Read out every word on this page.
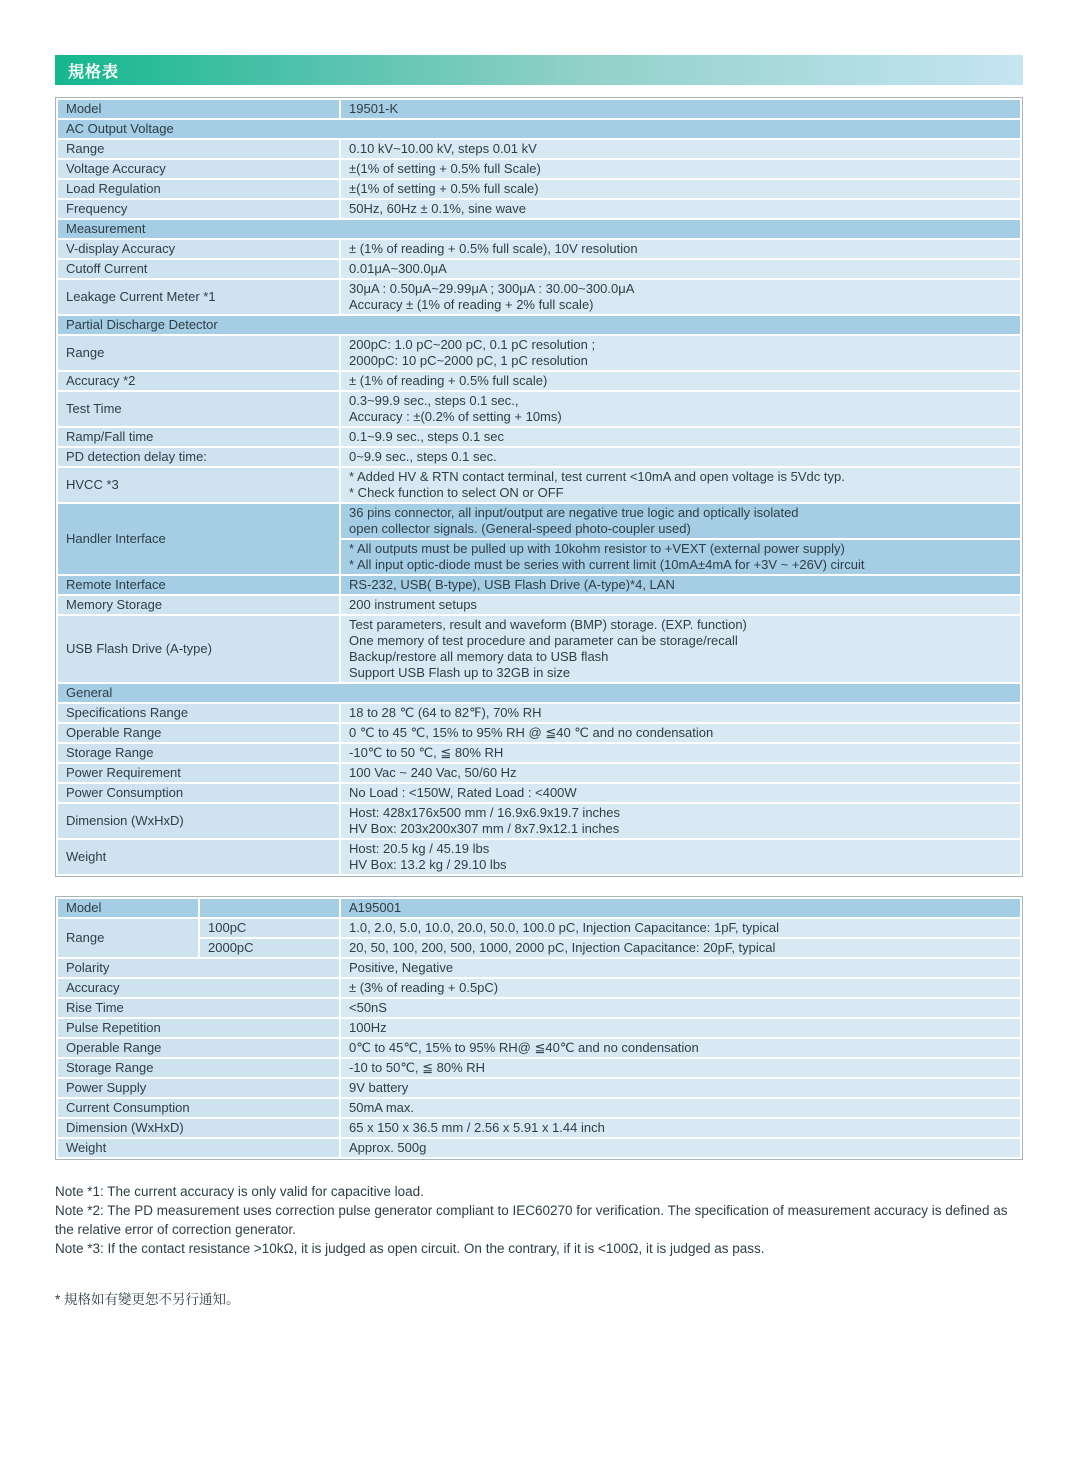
規格表
Model	19501-K

AC Output Voltage	
Range	0.10 kV~10.00 kV, steps 0.01 kV

Voltage Accuracy	±(1% of setting + 0.5% full Scale)

Load Regulation	±(1% of setting + 0.5% full scale)

Frequency	50Hz, 60Hz ± 0.1%, sine wave

Measurement	
V-display Accuracy	± (1% of reading + 0.5% full scale), 10V resolution

Cutoff Current	0.01μA~300.0μA

Leakage Current Meter *1	30μA : 0.50μA~29.99μA ; 300μA : 30.00~300.0μA
Accuracy ± (1% of reading + 2% full scale)

Partial Discharge Detector	
Range	200pC: 1.0 pC~200 pC, 0.1 pC resolution ;
2000pC: 10 pC~2000 pC, 1 pC resolution

Accuracy *2	± (1% of reading + 0.5% full scale)

Test Time	0.3~99.9 sec., steps 0.1 sec.,
Accuracy : ±(0.2% of setting + 10ms)

Ramp/Fall time	0.1~9.9 sec., steps 0.1 sec

PD detection delay time:	0~9.9 sec., steps 0.1 sec.

HVCC *3	* Added HV & RTN contact terminal, test current <10mA and open voltage is 5Vdc typ.
* Check function to select ON or OFF

Handler Interface	36 pins connector, all input/output are negative true logic and optically isolated
open collector signals. (General-speed photo-coupler used)

	* All outputs must be pulled up with 10kohm resistor to +VEXT (external power supply)
* All input optic-diode must be series with current limit (10mA±4mA for +3V ~ +26V) circuit

Remote Interface	RS-232, USB( B-type), USB Flash Drive (A-type)*4, LAN

Memory Storage	200 instrument setups

USB Flash Drive (A-type)	Test parameters, result and waveform (BMP) storage. (EXP. function)
One memory of test procedure and parameter can be storage/recall
Backup/restore all memory data to USB flash
Support USB Flash up to 32GB in size

General	
Specifications Range	18 to 28 ℃ (64 to 82℉), 70% RH

Operable Range	0 ℃ to 45 ℃, 15% to 95% RH @ ≦40 ℃ and no condensation

Storage Range	-10℃ to 50 ℃, ≦ 80% RH

Power Requirement	100 Vac ~ 240 Vac, 50/60 Hz

Power Consumption	No Load : <150W, Rated Load : <400W

Dimension (WxHxD)	Host: 428x176x500 mm / 16.9x6.9x19.7 inches
HV Box: 203x200x307 mm / 8x7.9x12.1 inches

Weight	Host: 20.5 kg / 45.19 lbs
HV Box: 13.2 kg / 29.10 lbs
Model		A195001

Range	100pC	1.0, 2.0, 5.0, 10.0, 20.0, 50.0, 100.0 pC, Injection Capacitance: 1pF, typical

	2000pC	20, 50, 100, 200, 500, 1000, 2000 pC, Injection Capacitance: 20pF, typical

Polarity		Positive, Negative

Accuracy		± (3% of reading + 0.5pC)

Rise Time		<50nS

Pulse Repetition		100Hz

Operable Range		0℃ to 45℃, 15% to 95% RH@ ≦40℃ and no condensation

Storage Range		-10 to 50℃, ≦ 80% RH

Power Supply		9V battery

Current Consumption		50mA max.

Dimension (WxHxD)		65 x 150 x 36.5 mm / 2.56 x 5.91 x 1.44 inch

Weight		Approx. 500g
Note *1: The current accuracy is only valid for capacitive load.
Note *2: The PD measurement uses correction pulse generator compliant to IEC60270 for verification. The specification of measurement accuracy is defined as the relative error of correction generator.
Note *3: If the contact resistance >10kΩ, it is judged as open circuit. On the contrary, if it is <100Ω, it is judged as pass.
* 規格如有變更恕不另行通知。
